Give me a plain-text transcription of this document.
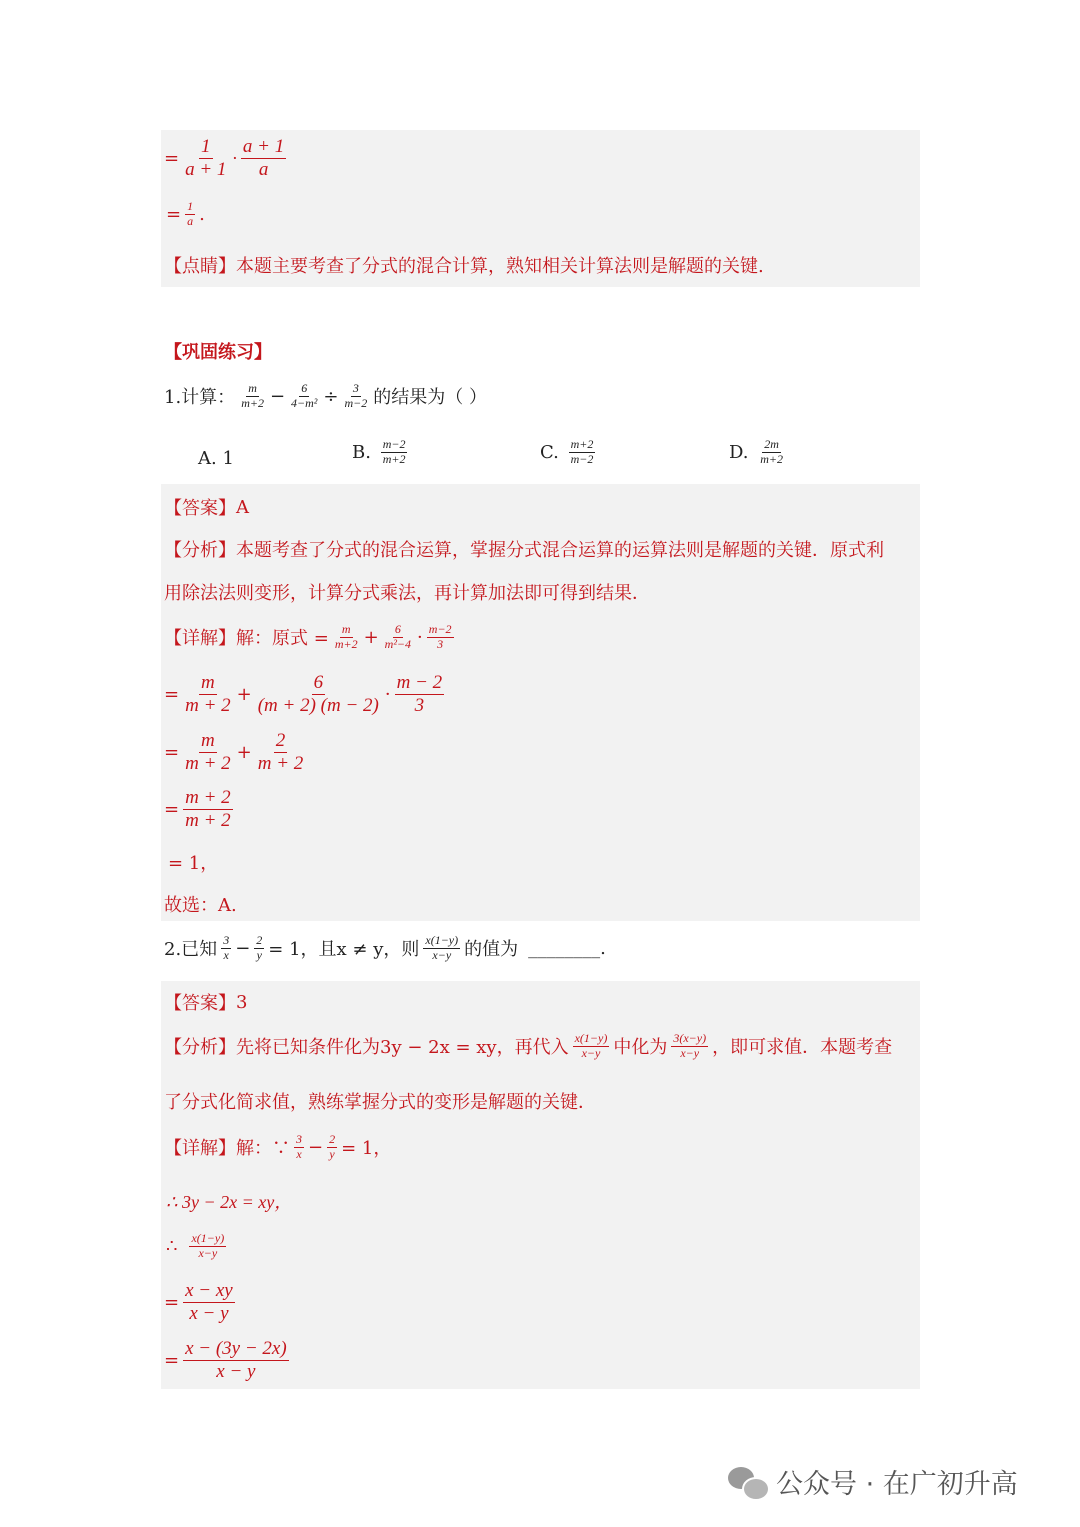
= $\frac{1}{a + 1} \cdot \frac{a + 1}{a}$
= $\frac{1}{a}$ .
【点睛】 本题主要考查了分式的混合计算，熟知相关计算法则是解题的关键.
【巩固练习】
1.计算： $\frac{m}{m+2} - \frac{6}{\text{4−m²}} \div \frac{3}{m-2}$ 的结果为（ ）
A.
1	B.
$\frac{m-2}{m+2}$	C.
$\frac{m+2}{m-2}$	D.
$\frac{2m}{m+2}$
【答案】 A
【分析】 本题考查了分式的混合运算，掌握分式混合运算的运算法则是解题的关键．原式利
用除法法则变形，计算分式乘法，再计算加法即可得到结果．
【详解】 解：原式 = $\frac{m}{m+2} + \frac{6}{\text{m²−4}} \cdot \frac{m-2}{3}$
= $\frac{m}{m + 2} + \frac{6}{(m + 2) (m - 2)} \cdot \frac{m - 2}{3}$
= $\frac{m}{m + 2} + \frac{2}{m + 2}$
= $\frac{m + 2}{m + 2}$
= 1，
故选：A.
2.已知 $\frac{3}{x} - \frac{2}{y} = 1$，且x ≠ y，则 $\frac{x(1-y)}{x-y}$ 的值为 ________.
【答案】 3
【分析】 先将已知条件化为3y − 2x = xy，再代入 $\frac{x(1-y)}{x-y}$ 中化为 $\frac{3(x-y)}{x-y}$ ，即可求值．本题考查
了分式化简求值，熟练掌握分式的变形是解题的关键．
【详解】 解：∵ $\frac{3}{x} - \frac{2}{y} = 1$，
∴ 3y − 2x = xy，
∴ $\frac{x(1-y)}{x-y}$
= $\frac{x - xy}{x - y}$
= $\frac{x - (3y - 2x)}{x - y}$
公众号 · 在广初升高
